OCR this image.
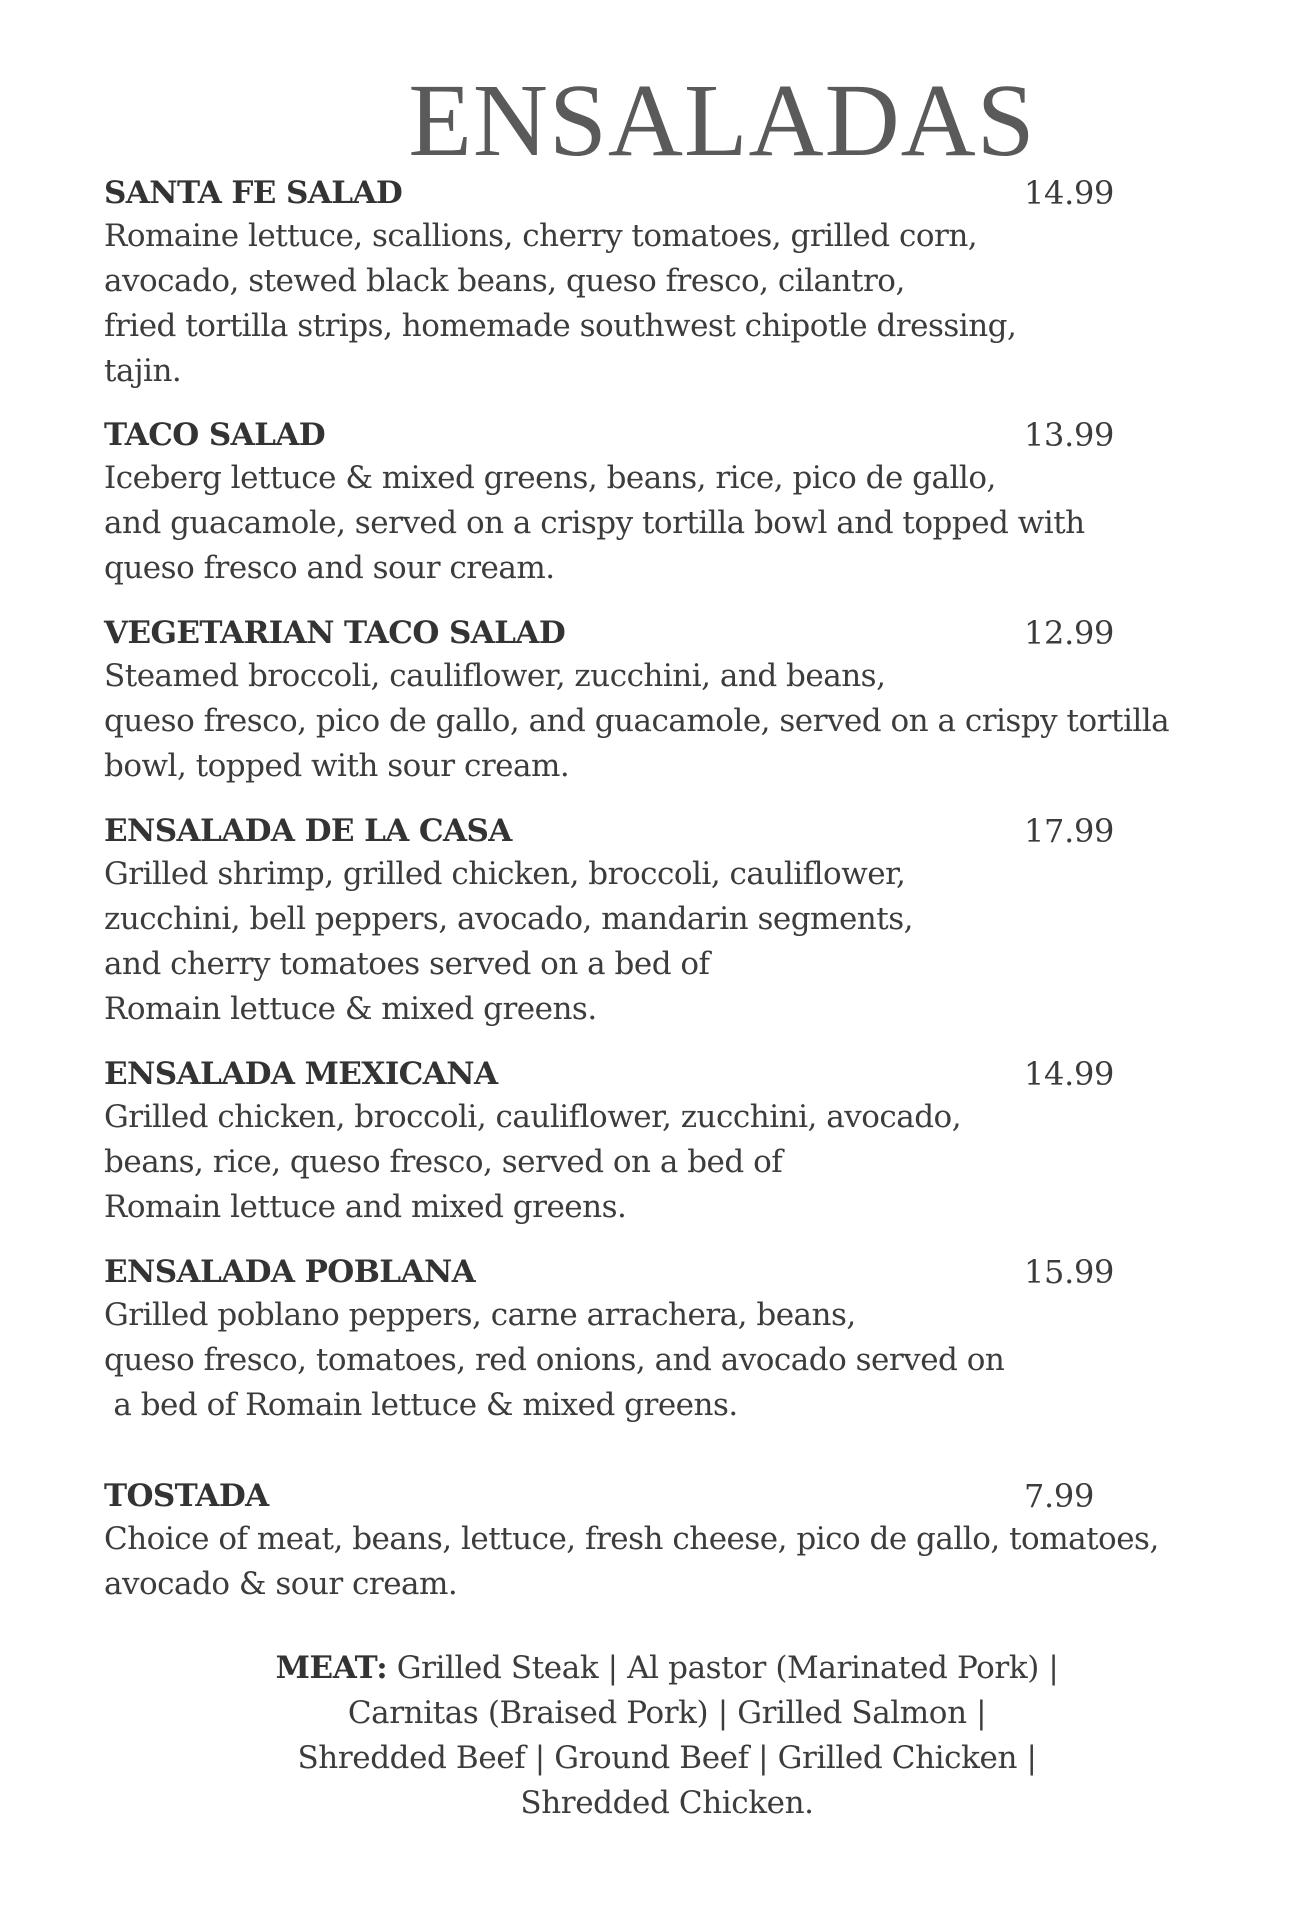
ENSALADAS
SANTA FE SALAD	14.99
Romaine lettuce, scallions, cherry tomatoes, grilled corn,
avocado, stewed black beans, queso fresco, cilantro,
fried tortilla strips, homemade southwest chipotle dressing,
tajin.
TACO SALAD	13.99
Iceberg lettuce & mixed greens, beans, rice, pico de gallo,
and guacamole, served on a crispy tortilla bowl and topped with
queso fresco and sour cream.
VEGETARIAN TACO SALAD	12.99
Steamed broccoli, cauliflower, zucchini, and beans,
queso fresco, pico de gallo, and guacamole, served on a crispy tortilla
bowl, topped with sour cream.
ENSALADA DE LA CASA	17.99
Grilled shrimp, grilled chicken, broccoli, cauliflower,
zucchini, bell peppers, avocado, mandarin segments,
and cherry tomatoes served on a bed of
Romain lettuce & mixed greens.
ENSALADA MEXICANA	14.99
Grilled chicken, broccoli, cauliflower, zucchini, avocado,
beans, rice, queso fresco, served on a bed of
Romain lettuce and mixed greens.
ENSALADA POBLANA	15.99
Grilled poblano peppers, carne arrachera, beans,
queso fresco, tomatoes, red onions, and avocado served on
a bed of Romain lettuce & mixed greens.
TOSTADA	7.99
Choice of meat, beans, lettuce, fresh cheese, pico de gallo, tomatoes,
avocado & sour cream.
MEAT: Grilled Steak | Al pastor (Marinated Pork) |
Carnitas (Braised Pork) | Grilled Salmon |
Shredded Beef | Ground Beef | Grilled Chicken |
Shredded Chicken.
